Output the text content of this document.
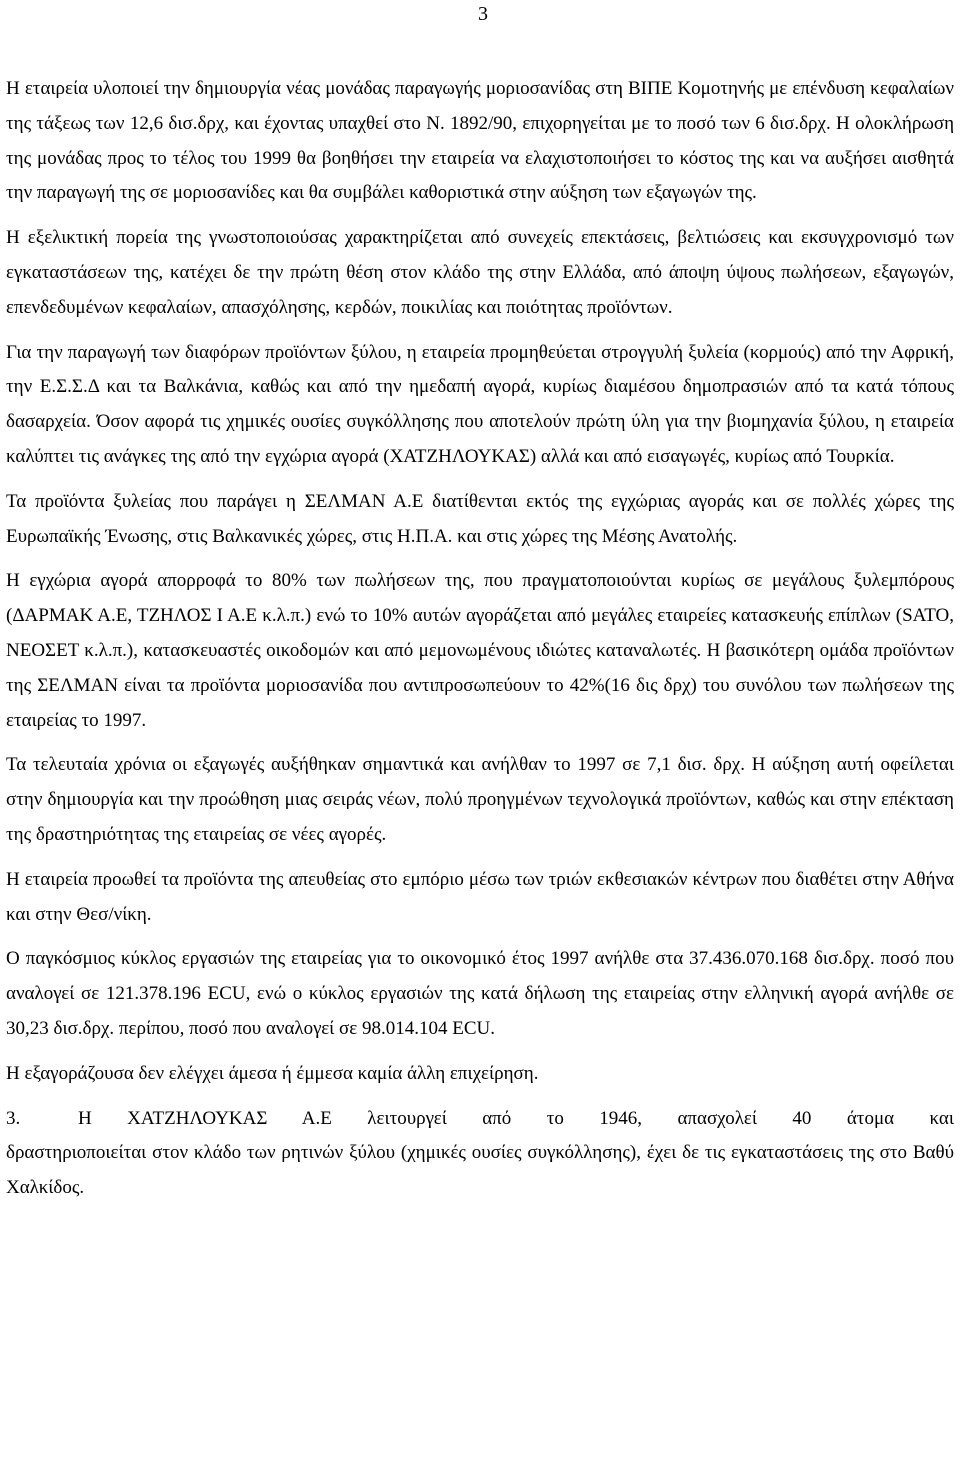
3

Η εταιρεία υλοποιεί την δημιουργία νέας μονάδας παραγωγής μοριοσανίδας στη ΒΙΠΕ Κομοτηνής με επένδυση κεφαλαίων της τάξεως των 12,6 δισ.δρχ, και έχοντας υπαχθεί στο Ν. 1892/90, επιχορηγείται με το ποσό των 6 δισ.δρχ. Η ολοκλήρωση της μονάδας προς το τέλος του 1999 θα βοηθήσει την εταιρεία να ελαχιστοποιήσει το κόστος της και να αυξήσει αισθητά την παραγωγή της σε μοριοσανίδες και θα συμβάλει καθοριστικά στην αύξηση των εξαγωγών της.

Η εξελικτική πορεία της γνωστοποιούσας χαρακτηρίζεται από συνεχείς επεκτάσεις, βελτιώσεις και εκσυγχρονισμό των εγκαταστάσεων της, κατέχει δε την πρώτη θέση στον κλάδο της στην Ελλάδα, από άποψη ύψους πωλήσεων, εξαγωγών, επενδεδυμένων κεφαλαίων, απασχόλησης, κερδών, ποικιλίας και ποιότητας προϊόντων.

Για την παραγωγή των διαφόρων προϊόντων ξύλου, η εταιρεία προμηθεύεται στρογγυλή ξυλεία (κορμούς) από την Αφρική, την Ε.Σ.Σ.Δ και τα Βαλκάνια, καθώς και από την ημεδαπή αγορά, κυρίως διαμέσου δημοπρασιών από τα κατά τόπους δασαρχεία. Όσον αφορά τις χημικές ουσίες συγκόλλησης που αποτελούν πρώτη ύλη για την βιομηχανία ξύλου, η εταιρεία καλύπτει τις ανάγκες της από την εγχώρια αγορά (ΧΑΤΖΗΛΟΥΚΑΣ) αλλά και από εισαγωγές, κυρίως από Τουρκία.

Τα προϊόντα ξυλείας που παράγει η ΣΕΛΜΑΝ Α.Ε διατίθενται εκτός της εγχώριας αγοράς και σε πολλές χώρες της Ευρωπαϊκής Ένωσης, στις Βαλκανικές χώρες, στις Η.Π.Α. και στις χώρες της Μέσης Ανατολής.

Η εγχώρια αγορά απορροφά το 80% των πωλήσεων της, που πραγματοποιούνται κυρίως σε μεγάλους ξυλεμπόρους (ΔΑΡΜΑΚ Α.Ε, ΤΖΗΛΟΣ Ι Α.Ε κ.λ.π.) ενώ το 10% αυτών αγοράζεται από μεγάλες εταιρείες κατασκευής επίπλων (SATO, ΝΕΟΣΕΤ κ.λ.π.), κατασκευαστές οικοδομών και από μεμονωμένους ιδιώτες καταναλωτές. Η βασικότερη ομάδα προϊόντων της ΣΕΛΜΑΝ είναι τα προϊόντα μοριοσανίδα που αντιπροσωπεύουν το 42%(16 δις δρχ) του συνόλου των πωλήσεων της εταιρείας το 1997.

Τα τελευταία χρόνια οι εξαγωγές αυξήθηκαν σημαντικά και ανήλθαν το 1997 σε 7,1 δισ. δρχ. Η αύξηση αυτή οφείλεται στην δημιουργία και την προώθηση μιας σειράς νέων, πολύ προηγμένων τεχνολογικά προϊόντων, καθώς και στην επέκταση της δραστηριότητας της εταιρείας σε νέες αγορές.

Η εταιρεία προωθεί τα προϊόντα της απευθείας στο εμπόριο μέσω των τριών εκθεσιακών κέντρων που διαθέτει στην Αθήνα και στην Θεσ/νίκη.

Ο παγκόσμιος κύκλος εργασιών της εταιρείας για το οικονομικό έτος 1997 ανήλθε στα 37.436.070.168 δισ.δρχ. ποσό που αναλογεί σε 121.378.196 ECU, ενώ ο κύκλος εργασιών της κατά δήλωση της εταιρείας στην ελληνική αγορά ανήλθε σε 30,23 δισ.δρχ. περίπου, ποσό που αναλογεί σε 98.014.104 ECU.

Η εξαγοράζουσα δεν ελέγχει άμεσα ή έμμεσα καμία άλλη επιχείρηση.

3.	Η ΧΑΤΖΗΛΟΥΚΑΣ Α.Ε λειτουργεί από το 1946, απασχολεί 40 άτομα και

δραστηριοποιείται στον κλάδο των ρητινών ξύλου (χημικές ουσίες συγκόλλησης), έχει δε τις εγκαταστάσεις της στο Βαθύ Χαλκίδος.
